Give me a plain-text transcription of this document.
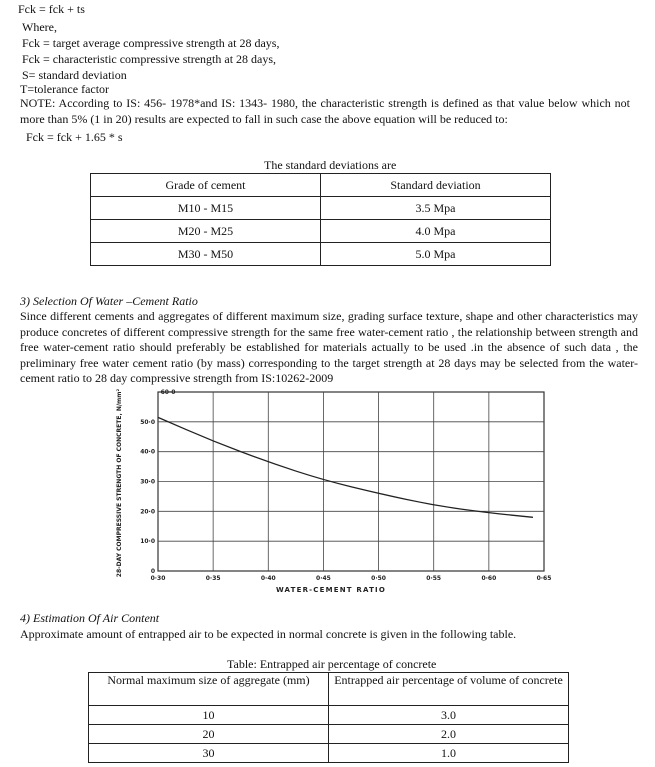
Fck = fck + ts
Where,
Fck = target average compressive strength at 28 days,
Fck = characteristic compressive strength at 28 days,
S= standard deviation
T=tolerance factor
NOTE: According to IS: 456- 1978*and IS: 1343- 1980, the characteristic strength is defined as that value below which not more than 5% (1 in 20) results are expected to fall in such case the above equation will be reduced to:
Fck = fck + 1.65 * s
The standard deviations are
Grade of cement	Standard deviation
M10 - M15	3.5 Mpa
M20 - M25	4.0 Mpa
M30 - M50	5.0 Mpa
3) Selection Of Water –Cement Ratio
Since different cements and aggregates of different maximum size, grading surface texture, shape and other characteristics may produce concretes of different compressive strength for the same free water-cement ratio , the relationship between strength and free water-cement ratio should preferably be established for materials actually to be used .in the absence of such data , the preliminary free water cement ratio (by mass) corresponding to the target strength at 28 days may be selected from the water-cement ratio to 28 day compressive strength from IS:10262-2009
0·30	0·35	0·40	0·45	0·50	0·55	0·60	0·65
0
10·0
20·0
30·0
40·0
50·0
60·0
WATER-CEMENT RATIO
28-DAY COMPRESSIVE STRENGTH OF CONCRETE, N/mm²
4) Estimation Of Air Content
Approximate amount of entrapped air to be expected in normal concrete is given in the following table.
Table: Entrapped air percentage of concrete
Normal maximum size of aggregate (mm)	Entrapped air percentage of volume of concrete
10	3.0
20	2.0
30	1.0
